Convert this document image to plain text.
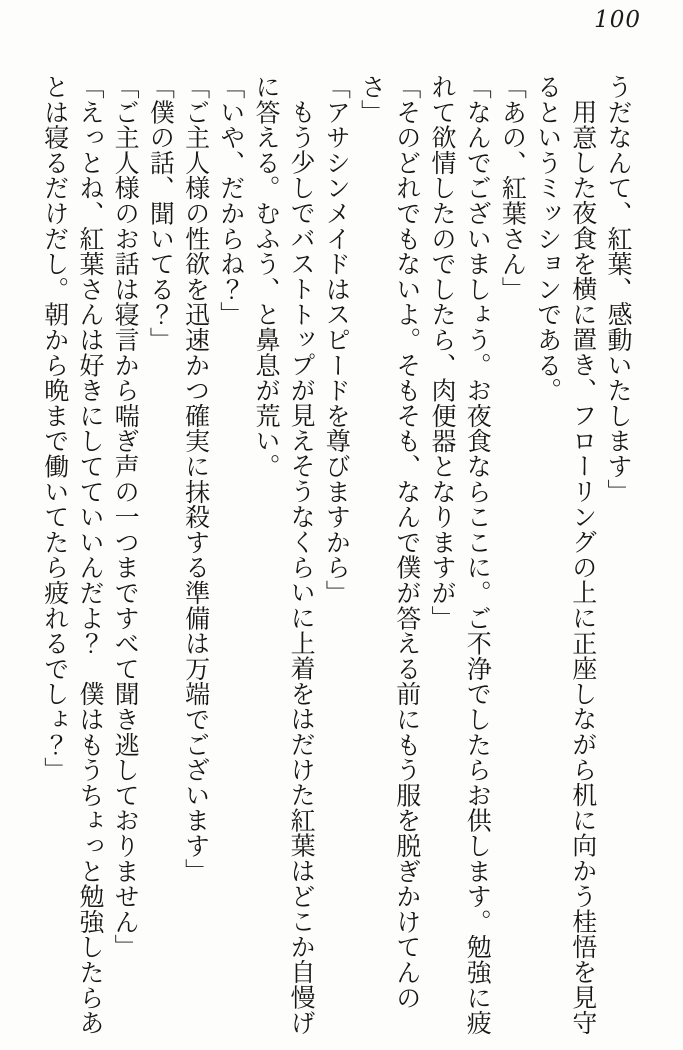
100
うだなんて、紅葉、感動いたします」
用意した夜食を横に置き、フローリングの上に正座しながら机に向かう桂悟を見守
るというミッションである。
「あの、紅葉さん」
「なんでございましょう。お夜食ならここに。ご不浄でしたらお供します。勉強に疲
れて欲情したのでしたら、肉便器となりますが」
「そのどれでもないよ。そもそも、なんで僕が答える前にもう服を脱ぎかけてんの
さ」
「アサシンメイドはスピードを尊びますから」
もう少しでバストトップが見えそうなくらいに上着をはだけた紅葉はどこか自慢げ
に答える。むふう、と鼻息が荒い。
「いや、だからね？」
「ご主人様の性欲を迅速かつ確実に抹殺する準備は万端でございます」
「僕の話、聞いてる？」
「ご主人様のお話は寝言から喘ぎ声の一つまですべて聞き逃しておりません」
「えっとね、紅葉さんは好きにしてていいんだよ？　僕はもうちょっと勉強したらあ
とは寝るだけだし。朝から晩まで働いてたら疲れるでしょ？」
